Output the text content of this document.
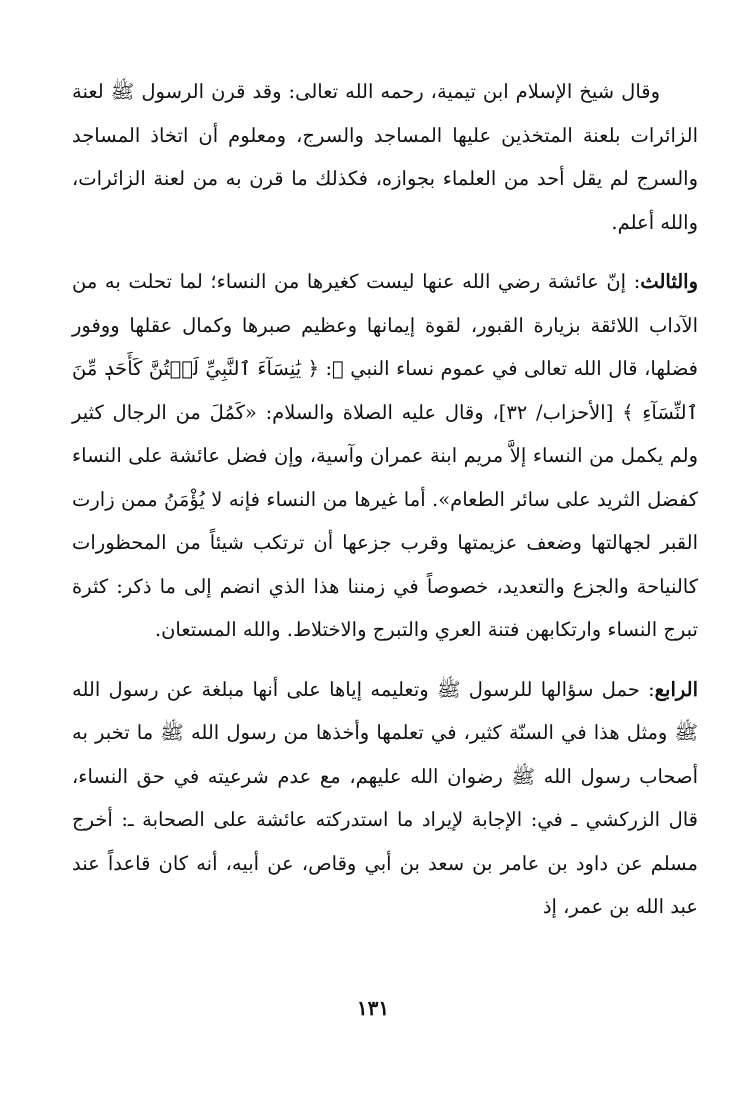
وقال شيخ الإسلام ابن تيمية، رحمه الله تعالى: وقد قرن الرسول ﷺ لعنة الزائرات بلعنة المتخذين عليها المساجد والسرج، ومعلوم أن اتخاذ المساجد والسرج لم يقل أحد من العلماء بجوازه، فكذلك ما قرن به من لعنة الزائرات، والله أعلم.

والثالث: إنّ عائشة رضي الله عنها ليست كغيرها من النساء؛ لما تحلت به من الآداب اللائقة بزيارة القبور، لقوة إيمانها وعظيم صبرها وكمال عقلها ووفور فضلها، قال الله تعالى في عموم نساء النبي ﷺ: ﴿ يَٰنِسَآءَ ٱلنَّبِيِّ لَسۡتُنَّ كَأَحَدٖ مِّنَ ٱلنِّسَآءِ ﴾ [الأحزاب/ ٣٢]، وقال عليه الصلاة والسلام: «كَمُلَ من الرجال كثير ولم يكمل من النساء إلاَّ مريم ابنة عمران وآسية، وإن فضل عائشة على النساء كفضل الثريد على سائر الطعام». أما غيرها من النساء فإنه لا يُؤْمَنُ ممن زارت القبر لجهالتها وضعف عزيمتها وقرب جزعها أن ترتكب شيئاً من المحظورات كالنياحة والجزع والتعديد، خصوصاً في زمننا هذا الذي انضم إلى ما ذكر: كثرة تبرج النساء وارتكابهن فتنة العري والتبرج والاختلاط. والله المستعان.

الرابع: حمل سؤالها للرسول ﷺ وتعليمه إياها على أنها مبلغة عن رسول الله ﷺ ومثل هذا في السنّة كثير، في تعلمها وأخذها من رسول الله ﷺ ما تخبر به أصحاب رسول الله ﷺ رضوان الله عليهم، مع عدم شرعيته في حق النساء، قال الزركشي ـ في: الإجابة لإيراد ما استدركته عائشة على الصحابة ـ: أخرج مسلم عن داود بن عامر بن سعد بن أبي وقاص، عن أبيه، أنه كان قاعداً عند عبد الله بن عمر، إذ

١٣١
